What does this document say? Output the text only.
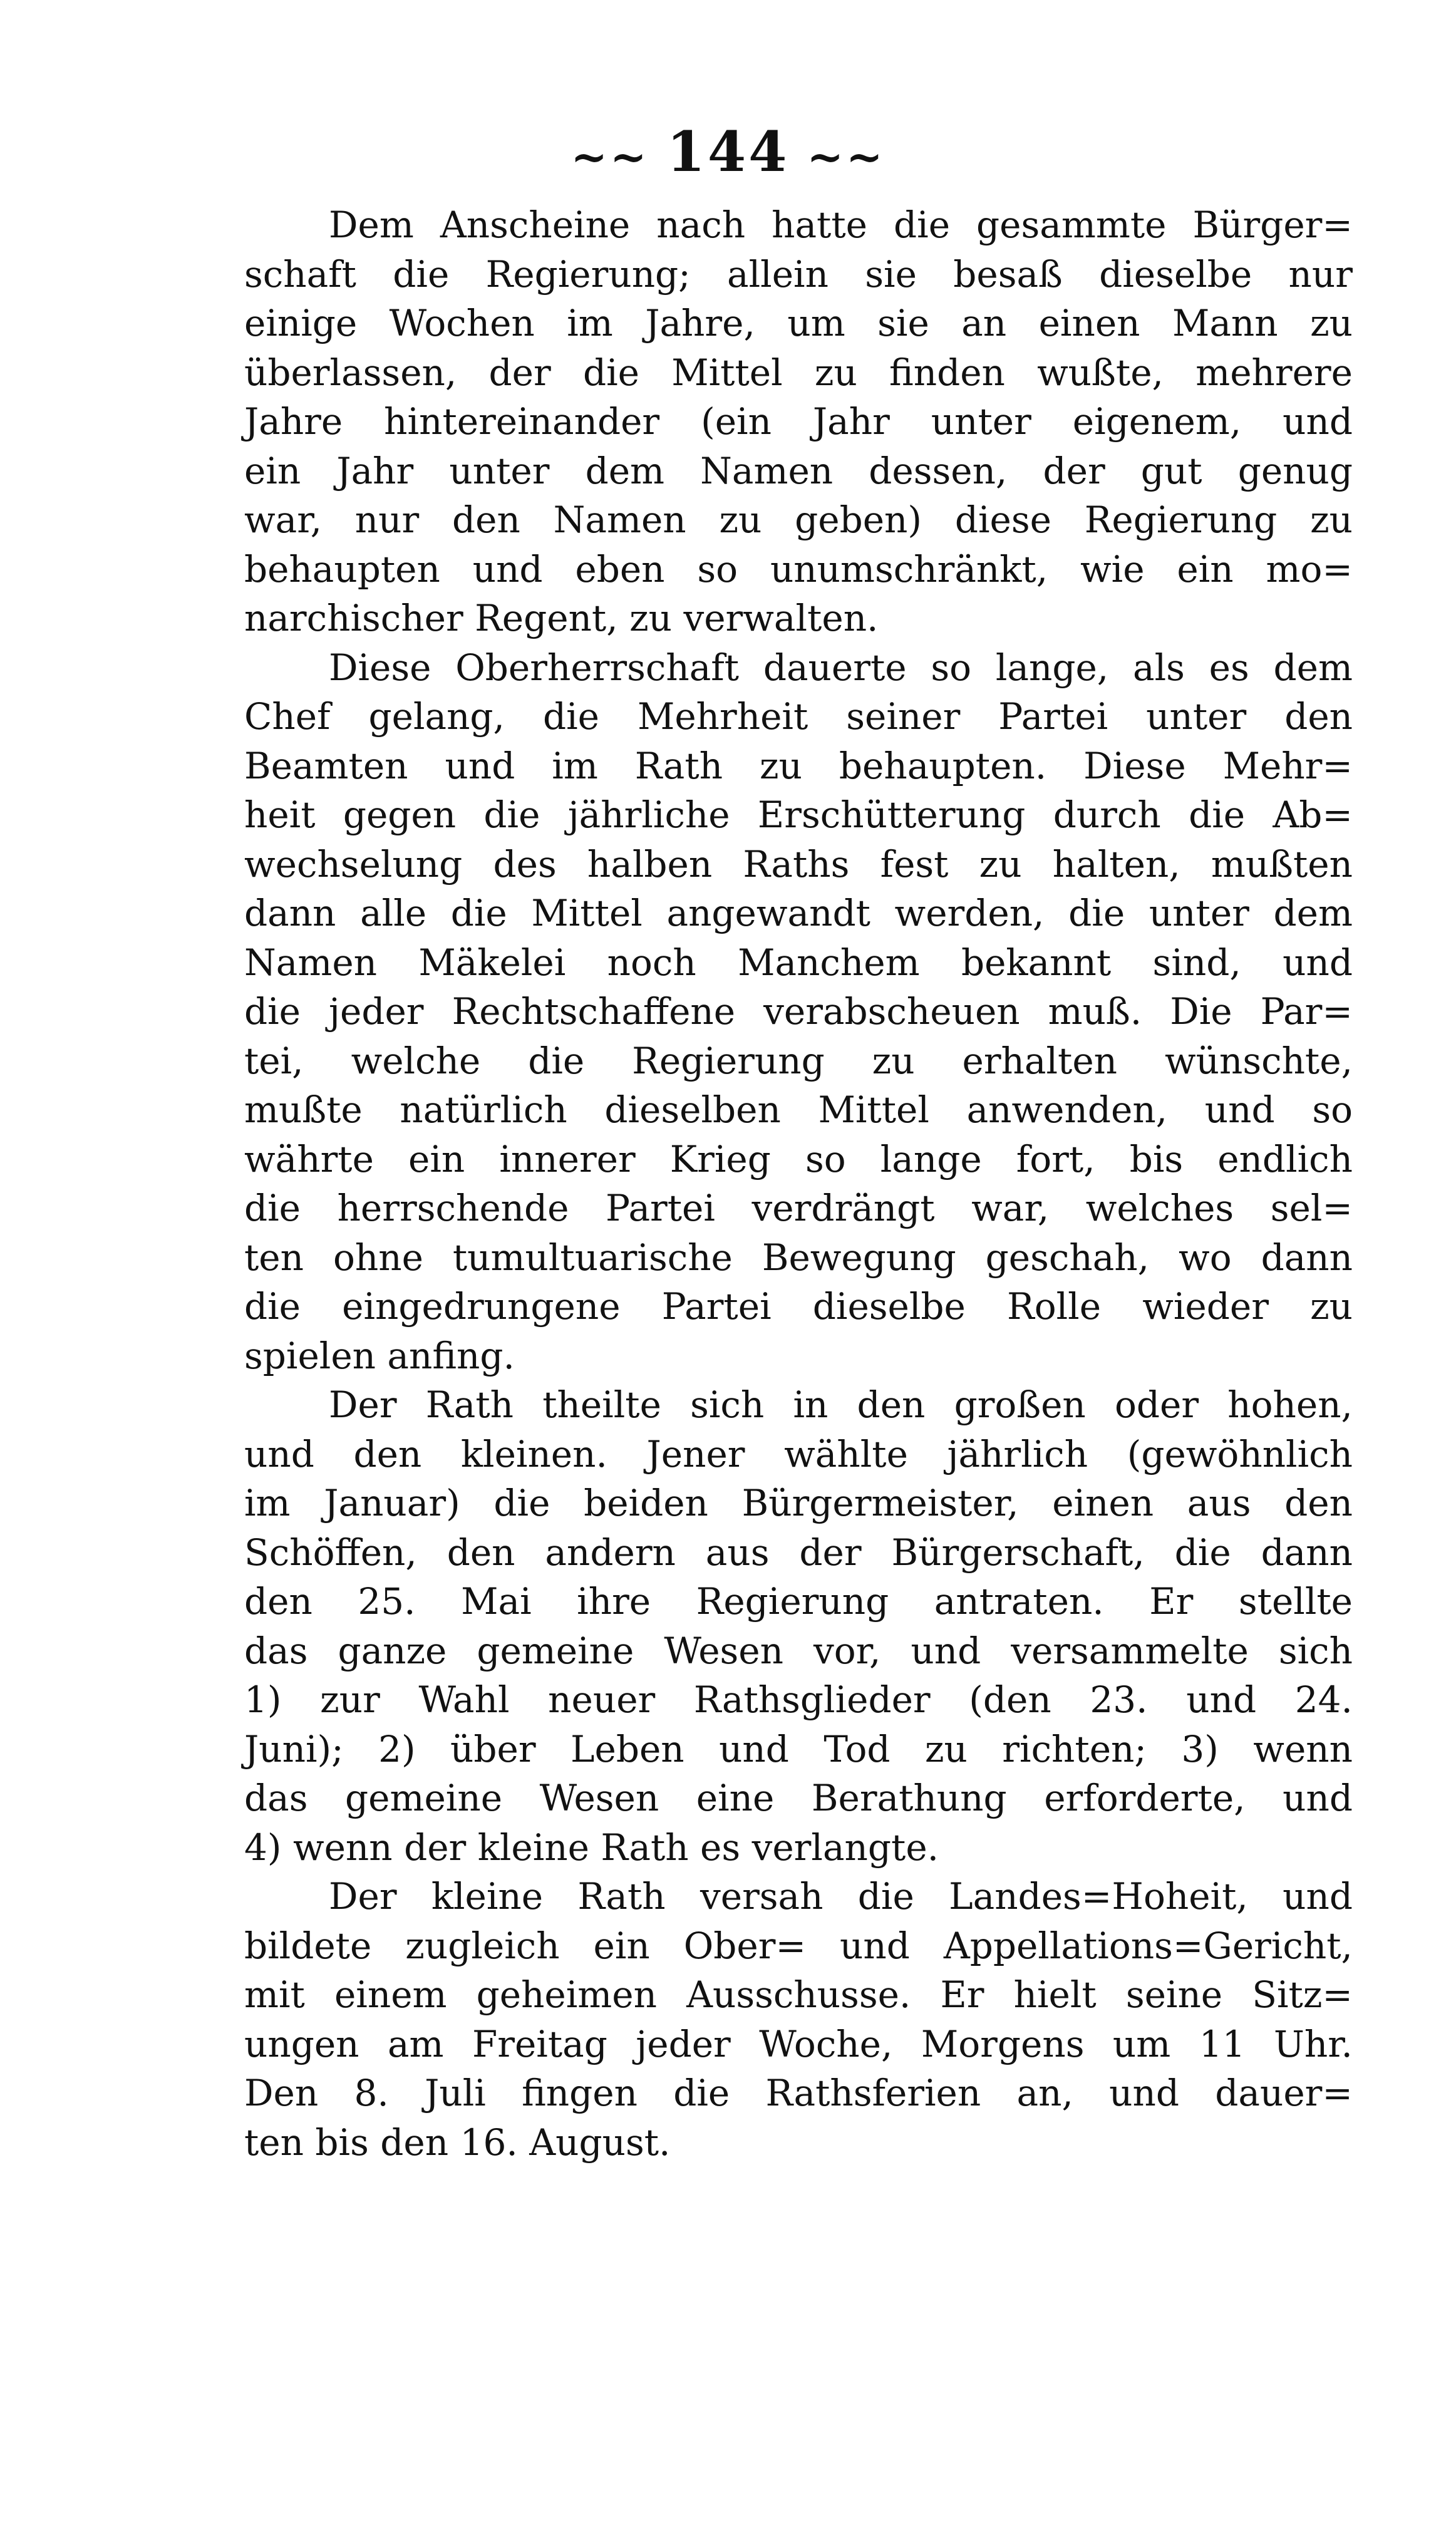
~~ 144 ~~
Dem Anscheine nach hatte die gesammte Bürger=
schaft die Regierung; allein sie besaß dieselbe nur
einige Wochen im Jahre, um sie an einen Mann zu
überlassen, der die Mittel zu finden wußte, mehrere
Jahre hintereinander (ein Jahr unter eigenem, und
ein Jahr unter dem Namen dessen, der gut genug
war, nur den Namen zu geben) diese Regierung zu
behaupten und eben so unumschränkt, wie ein mo=
narchischer Regent, zu verwalten.
Diese Oberherrschaft dauerte so lange, als es dem
Chef gelang, die Mehrheit seiner Partei unter den
Beamten und im Rath zu behaupten. Diese Mehr=
heit gegen die jährliche Erschütterung durch die Ab=
wechselung des halben Raths fest zu halten, mußten
dann alle die Mittel angewandt werden, die unter dem
Namen Mäkelei noch Manchem bekannt sind, und
die jeder Rechtschaffene verabscheuen muß. Die Par=
tei, welche die Regierung zu erhalten wünschte,
mußte natürlich dieselben Mittel anwenden, und so
währte ein innerer Krieg so lange fort, bis endlich
die herrschende Partei verdrängt war, welches sel=
ten ohne tumultuarische Bewegung geschah, wo dann
die eingedrungene Partei dieselbe Rolle wieder zu
spielen anfing.
Der Rath theilte sich in den großen oder hohen,
und den kleinen. Jener wählte jährlich (gewöhnlich
im Januar) die beiden Bürgermeister, einen aus den
Schöffen, den andern aus der Bürgerschaft, die dann
den 25. Mai ihre Regierung antraten. Er stellte
das ganze gemeine Wesen vor, und versammelte sich
1) zur Wahl neuer Rathsglieder (den 23. und 24.
Juni); 2) über Leben und Tod zu richten; 3) wenn
das gemeine Wesen eine Berathung erforderte, und
4) wenn der kleine Rath es verlangte.
Der kleine Rath versah die Landes=Hoheit, und
bildete zugleich ein Ober= und Appellations=Gericht,
mit einem geheimen Ausschusse. Er hielt seine Sitz=
ungen am Freitag jeder Woche, Morgens um 11 Uhr.
Den 8. Juli fingen die Rathsferien an, und dauer=
ten bis den 16. August.
